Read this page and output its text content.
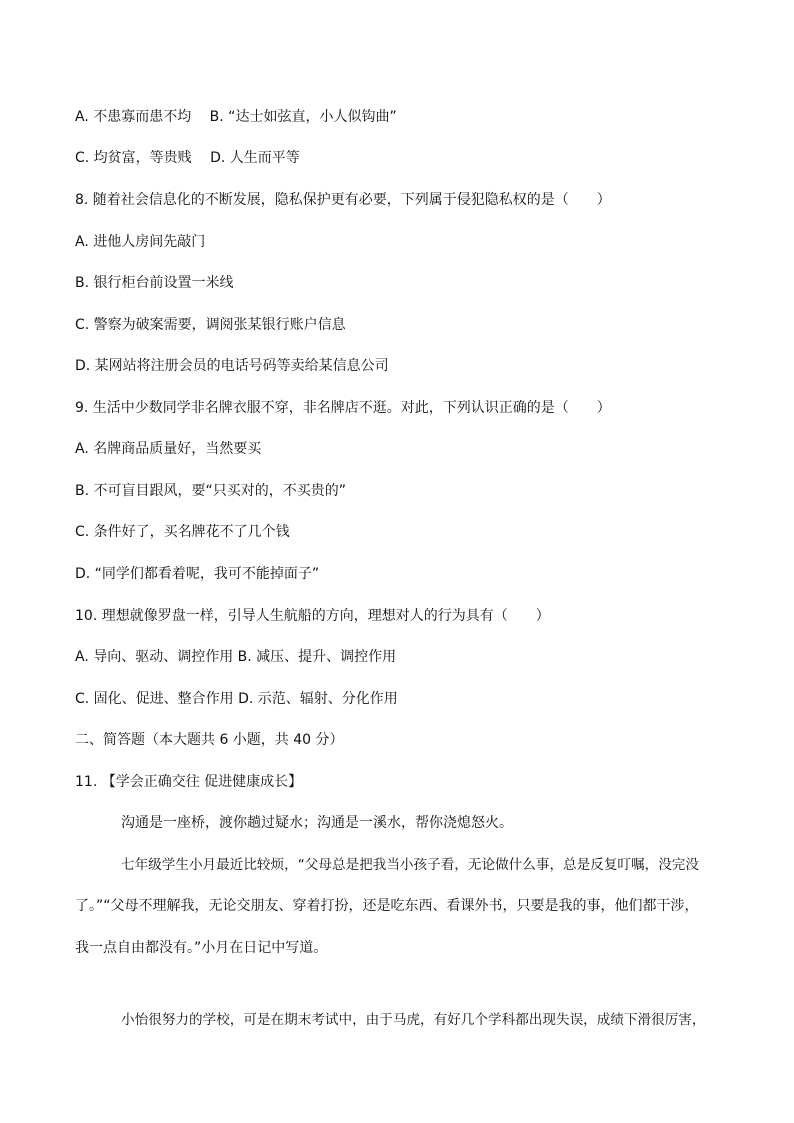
A. 不患寡而患不均　 B. “达士如弦直，小人似钩曲”
C. 均贫富，等贵贱　 D. 人生而平等
8. 随着社会信息化的不断发展，隐私保护更有必要，下列属于侵犯隐私权的是（　　）
A. 进他人房间先敲门
B. 银行柜台前设置一米线
C. 警察为破案需要，调阅张某银行账户信息
D. 某网站将注册会员的电话号码等卖给某信息公司
9. 生活中少数同学非名牌衣服不穿，非名牌店不逛。对此，下列认识正确的是（　　）
A. 名牌商品质量好，当然要买
B. 不可盲目跟风，要“只买对的，不买贵的”
C. 条件好了，买名牌花不了几个钱
D. “同学们都看着呢，我可不能掉面子”
10. 理想就像罗盘一样，引导人生航船的方向，理想对人的行为具有（　　）
A. 导向、驱动、调控作用 B. 减压、提升、调控作用
C. 固化、促进、整合作用 D. 示范、辐射、分化作用
二、简答题（本大题共 6 小题，共 40 分）
11. 【学会正确交往 促进健康成长】
沟通是一座桥，渡你趟过疑水；沟通是一溪水，帮你浇熄怒火。
七年级学生小月最近比较烦，“父母总是把我当小孩子看，无论做什么事，总是反复叮嘱，没完没
了。”“父母不理解我，无论交朋友、穿着打扮，还是吃东西、看课外书，只要是我的事，他们都干涉，
我一点自由都没有。”小月在日记中写道。
小怡很努力的学校，可是在期末考试中，由于马虎，有好几个学科都出现失误，成绩下滑很厉害，
